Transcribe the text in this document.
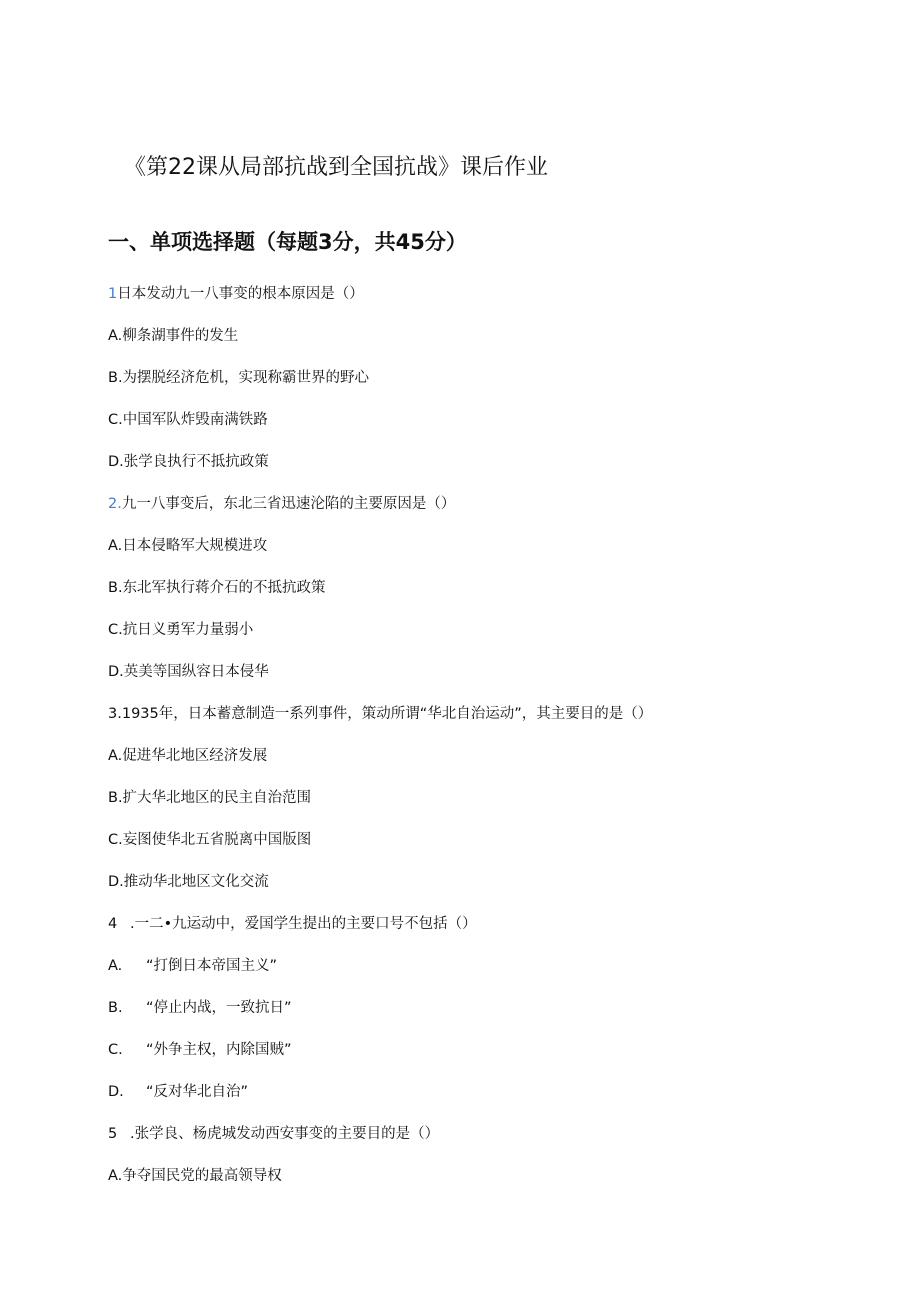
《第22课从局部抗战到全国抗战》课后作业
一、单项选择题（每题3分，共45分）
1日本发动九一八事变的根本原因是（）
A.柳条湖事件的发生
B.为摆脱经济危机，实现称霸世界的野心
C.中国军队炸毁南满铁路
D.张学良执行不抵抗政策
2.九一八事变后，东北三省迅速沦陷的主要原因是（）
A.日本侵略军大规模进攻
B.东北军执行蒋介石的不抵抗政策
C.抗日义勇军力量弱小
D.英美等国纵容日本侵华
3.1935年，日本蓄意制造一系列事件，策动所谓“华北自治运动”，其主要目的是（）
A.促进华北地区经济发展
B.扩大华北地区的民主自治范围
C.妄图使华北五省脱离中国版图
D.推动华北地区文化交流
4 .一二•九运动中，爱国学生提出的主要口号不包括（）
A. “打倒日本帝国主义”
B. “停止内战，一致抗日”
C. “外争主权，内除国贼”
D. “反对华北自治”
5 .张学良、杨虎城发动西安事变的主要目的是（）
A.争夺国民党的最高领导权
